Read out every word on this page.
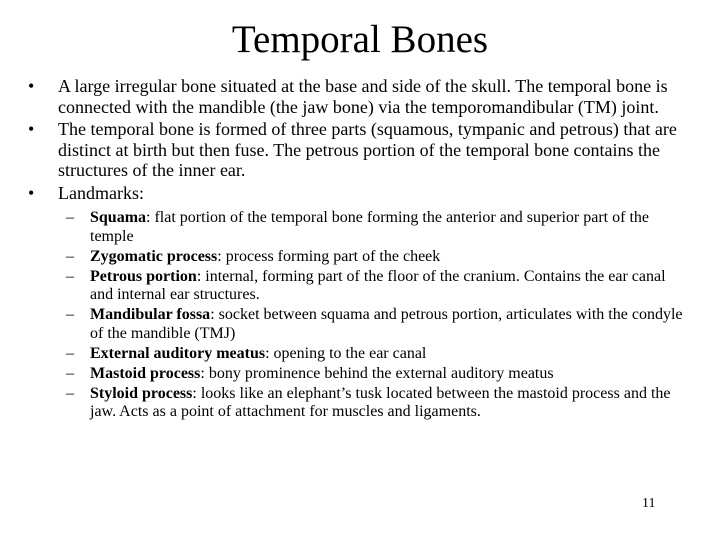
Temporal Bones
• A large irregular bone situated at the base and side of the skull. The temporal bone is connected with the mandible (the jaw bone) via the temporomandibular (TM) joint.
• The temporal bone is formed of three parts (squamous, tympanic and petrous) that are distinct at birth but then fuse. The petrous portion of the temporal bone contains the structures of the inner ear.
• Landmarks:
– Squama: flat portion of the temporal bone forming the anterior and superior part of the temple
– Zygomatic process: process forming part of the cheek
– Petrous portion: internal, forming part of the floor of the cranium. Contains the ear canal and internal ear structures.
– Mandibular fossa: socket between squama and petrous portion, articulates with the condyle of the mandible (TMJ)
– External auditory meatus: opening to the ear canal
– Mastoid process: bony prominence behind the external auditory meatus
– Styloid process: looks like an elephant’s tusk located between the mastoid process and the jaw. Acts as a point of attachment for muscles and ligaments.
11
